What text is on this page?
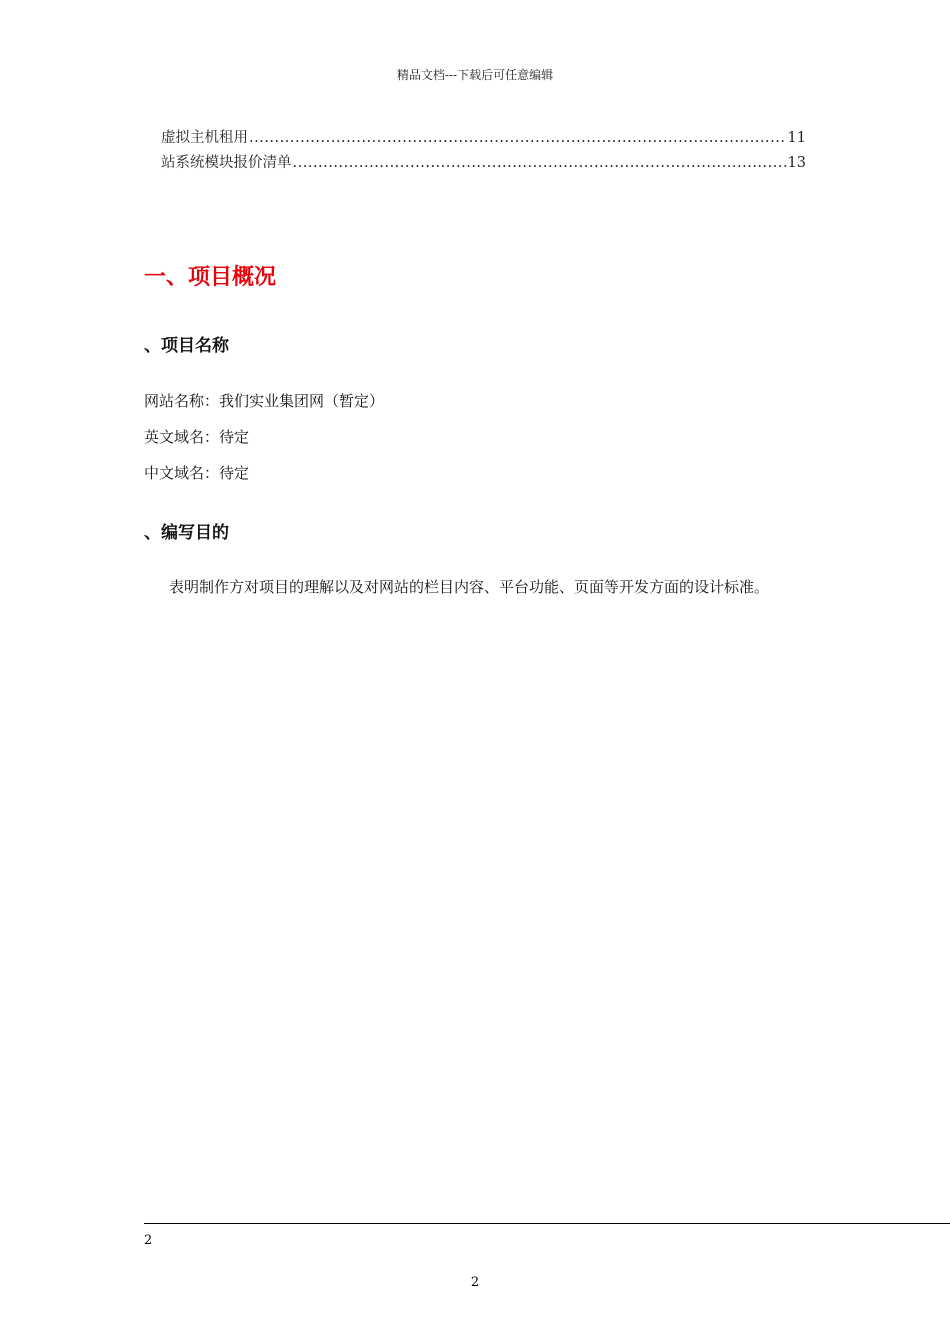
精品文档---下载后可任意编辑
虚拟主机租用 .....	11
站系统模块报价清单 .....	13
一、项目概况
、项目名称
网站名称：我们实业集团网（暂定）
英文域名：待定
中文域名：待定
、编写目的
表明制作方对项目的理解以及对网站的栏目内容、平台功能、页面等开发方面的设计标准。
2
2
